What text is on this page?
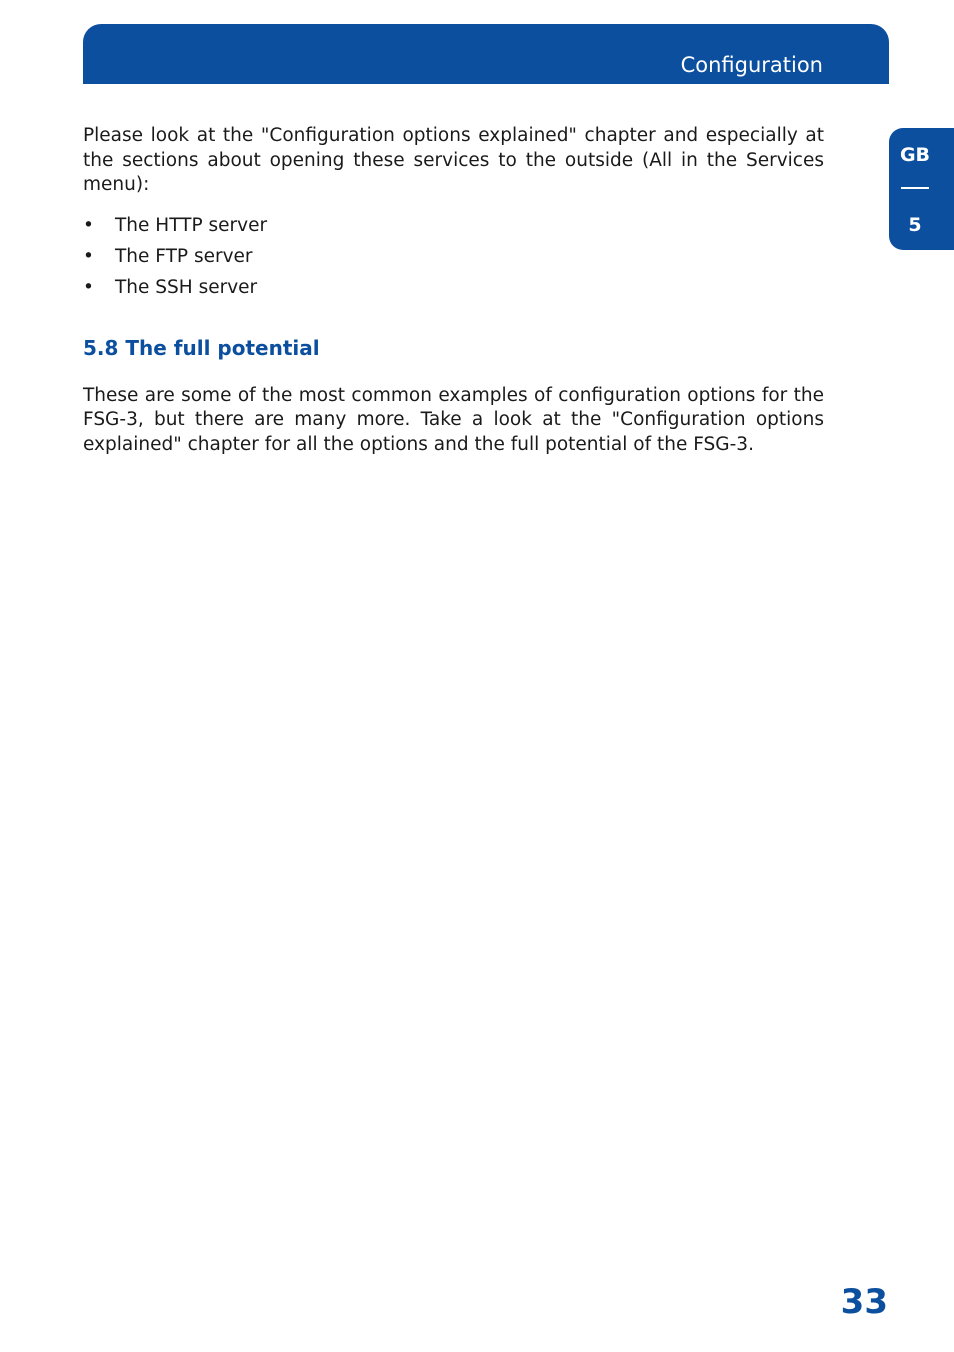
Configuration
GB
5

Please look at the "Configuration options explained" chapter and especially at the sections about opening these services to the outside (All in the Services menu):

• The HTTP server
• The FTP server
• The SSH server
5.8 The full potential

These are some of the most common examples of configuration options for the FSG-3, but there are many more. Take a look at the "Configuration options explained" chapter for all the options and the full potential of the FSG-3.

33
